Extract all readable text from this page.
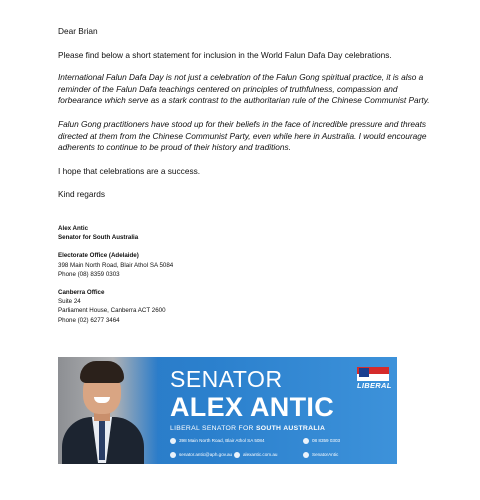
Dear Brian

Please find below a short statement for inclusion in the World Falun Dafa Day celebrations.

International Falun Dafa Day is not just a celebration of the Falun Gong spiritual practice, it is also a reminder of the Falun Dafa teachings centered on principles of truthfulness, compassion and forbearance which serve as a stark contrast to the authoritarian rule of the Chinese Communist Party.

Falun Gong practitioners have stood up for their beliefs in the face of incredible pressure and threats directed at them from the Chinese Communist Party, even while here in Australia. I would encourage adherents to continue to be proud of their history and traditions.

I hope that celebrations are a success.

Kind regards

Alex Antic

Senator for South Australia

Electorate Office (Adelaide)

398 Main North Road, Blair Athol SA 5084

Phone (08) 8359 0303

Canberra Office

Suite 24

Parliament House, Canberra ACT 2600

Phone (02) 6277 3464

SENATOR
ALEX ANTIC
LIBERAL SENATOR FOR SOUTH AUSTRALIA
398 Main North Road, Blair Athol SA 5084	08 8359 0303
senator.antic@aph.gov.au	alexantic.com.au	SenatorAntic
LIBERAL
